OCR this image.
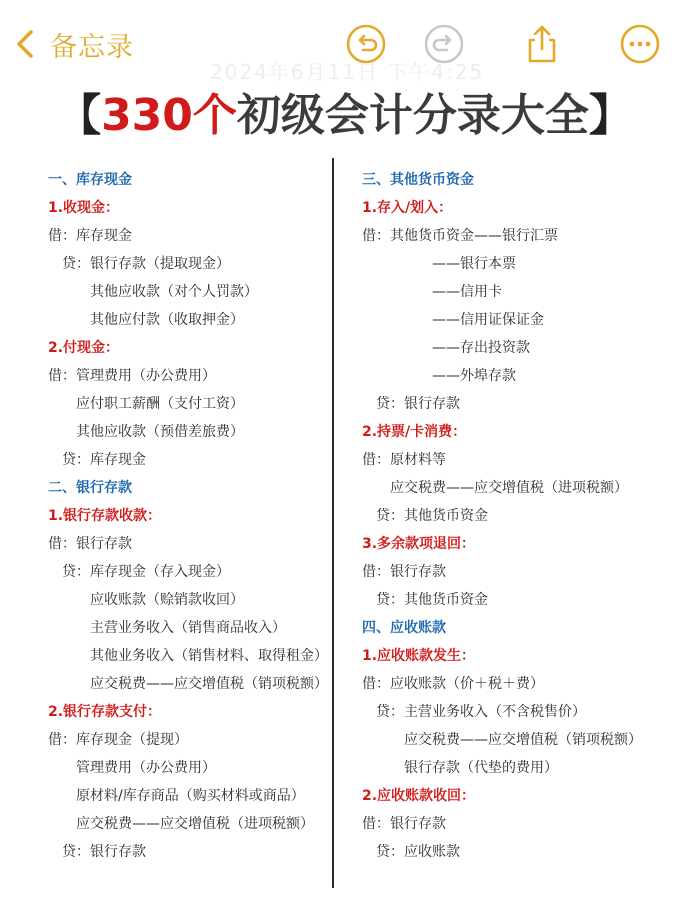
备忘录
2024年6月11日 下午4:25
【330个初级会计分录大全】
一、库存现金
1.收现金：
借：库存现金
贷：银行存款（提取现金）
其他应收款（对个人罚款）
其他应付款（收取押金）
2.付现金：
借：管理费用（办公费用）
应付职工薪酬（支付工资）
其他应收款（预借差旅费）
贷：库存现金
二、银行存款
1.银行存款收款：
借：银行存款
贷：库存现金（存入现金）
应收账款（赊销款收回）
主营业务收入（销售商品收入）
其他业务收入（销售材料、取得租金）
应交税费——应交增值税（销项税额）
2.银行存款支付：
借：库存现金（提现）
管理费用（办公费用）
原材料/库存商品（购买材料或商品）
应交税费——应交增值税（进项税额）
贷：银行存款
三、其他货币资金
1.存入/划入：
借：其他货币资金——银行汇票
——银行本票
——信用卡
——信用证保证金
——存出投资款
——外埠存款
贷：银行存款
2.持票/卡消费：
借：原材料等
应交税费——应交增值税（进项税额）
贷：其他货币资金
3.多余款项退回：
借：银行存款
贷：其他货币资金
四、应收账款
1.应收账款发生：
借：应收账款（价＋税＋费）
贷：主营业务收入（不含税售价）
应交税费——应交增值税（销项税额）
银行存款（代垫的费用）
2.应收账款收回：
借：银行存款
贷：应收账款
